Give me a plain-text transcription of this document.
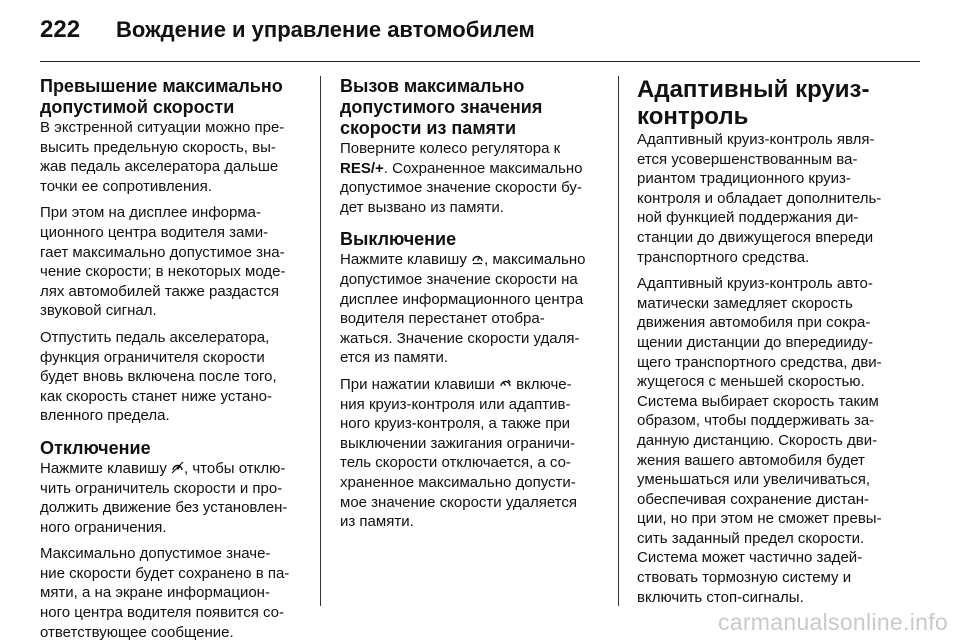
222 Вождение и управление автомобилем
Превышение максимально
допустимой скорости

В экстренной ситуации можно пре-
высить предельную скорость, вы-
жав педаль акселератора дальше
точки ее сопротивления.

При этом на дисплее информа-
ционного центра водителя зами-
гает максимально допустимое зна-
чение скорости; в некоторых моде-
лях автомобилей также раздастся
звуковой сигнал.

Отпустить педаль акселератора,
функция ограничителя скорости
будет вновь включена после того,
как скорость станет ниже устано-
вленного предела.

Отключение

Нажмите клавишу
, чтобы отклю-
чить ограничитель скорости и про-
должить движение без установлен-
ного ограничения.

Максимально допустимое значе-
ние скорости будет сохранено в па-
мяти, а на экране информацион-
ного центра водителя появится со-
ответствующее сообщение.

Вызов максимально
допустимого значения
скорости из памяти

Поверните колесо регулятора к
RES/+. Сохраненное максимально
допустимое значение скорости бу-
дет вызвано из памяти.

Выключение

Нажмите клавишу
, максимально
допустимое значение скорости на
дисплее информационного центра
водителя перестанет отобра-
жаться. Значение скорости удаля-
ется из памяти.

При нажатии клавиши
включе-
ния круиз-контроля или адаптив-
ного круиз-контроля, а также при
выключении зажигания ограничи-
тель скорости отключается, а со-
храненное максимально допусти-
мое значение скорости удаляется
из памяти.

Адаптивный круиз-
контроль

Адаптивный круиз-контроль явля-
ется усовершенствованным ва-
риантом традиционного круиз-
контроля и обладает дополнитель-
ной функцией поддержания ди-
станции до движущегося впереди
транспортного средства.

Адаптивный круиз-контроль авто-
матически замедляет скорость
движения автомобиля при сокра-
щении дистанции до впередииду-
щего транспортного средства, дви-
жущегося с меньшей скоростью.
Система выбирает скорость таким
образом, чтобы поддерживать за-
данную дистанцию. Скорость дви-
жения вашего автомобиля будет
уменьшаться или увеличиваться,
обеспечивая сохранение дистан-
ции, но при этом не сможет превы-
сить заданный предел скорости.
Система может частично задей-
ствовать тормозную систему и
включить стоп-сигналы.

carmanualsonline.info
